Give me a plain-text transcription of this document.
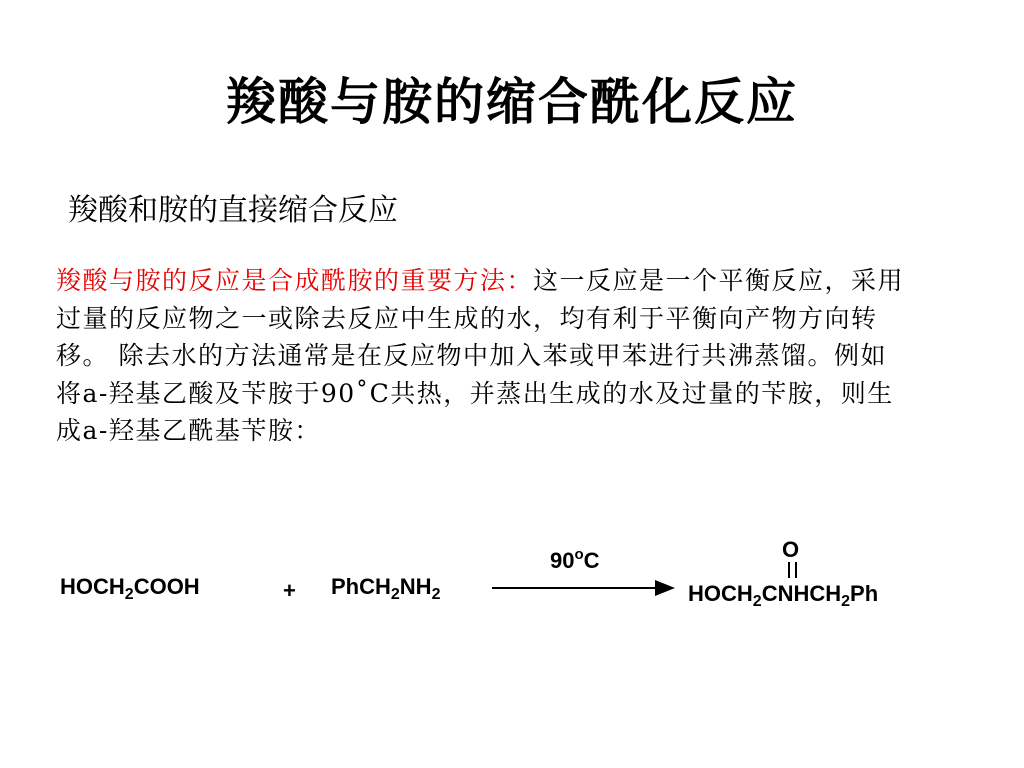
羧酸与胺的缩合酰化反应

羧酸和胺的直接缩合反应

羧酸与胺的反应是合成酰胺的重要方法：这一反应是一个平衡反应，采用过量的反应物之一或除去反应中生成的水，均有利于平衡向产物方向转移。 除去水的方法通常是在反应物中加入苯或甲苯进行共沸蒸馏。例如将a-羟基乙酸及苄胺于90˚C共热，并蒸出生成的水及过量的苄胺，则生成a-羟基乙酰基苄胺：

$HOCH_2COOH$	+ $PhCH_2NH_2$
90$^o$C	O
$HOCH_2CNHCH_2Ph$
